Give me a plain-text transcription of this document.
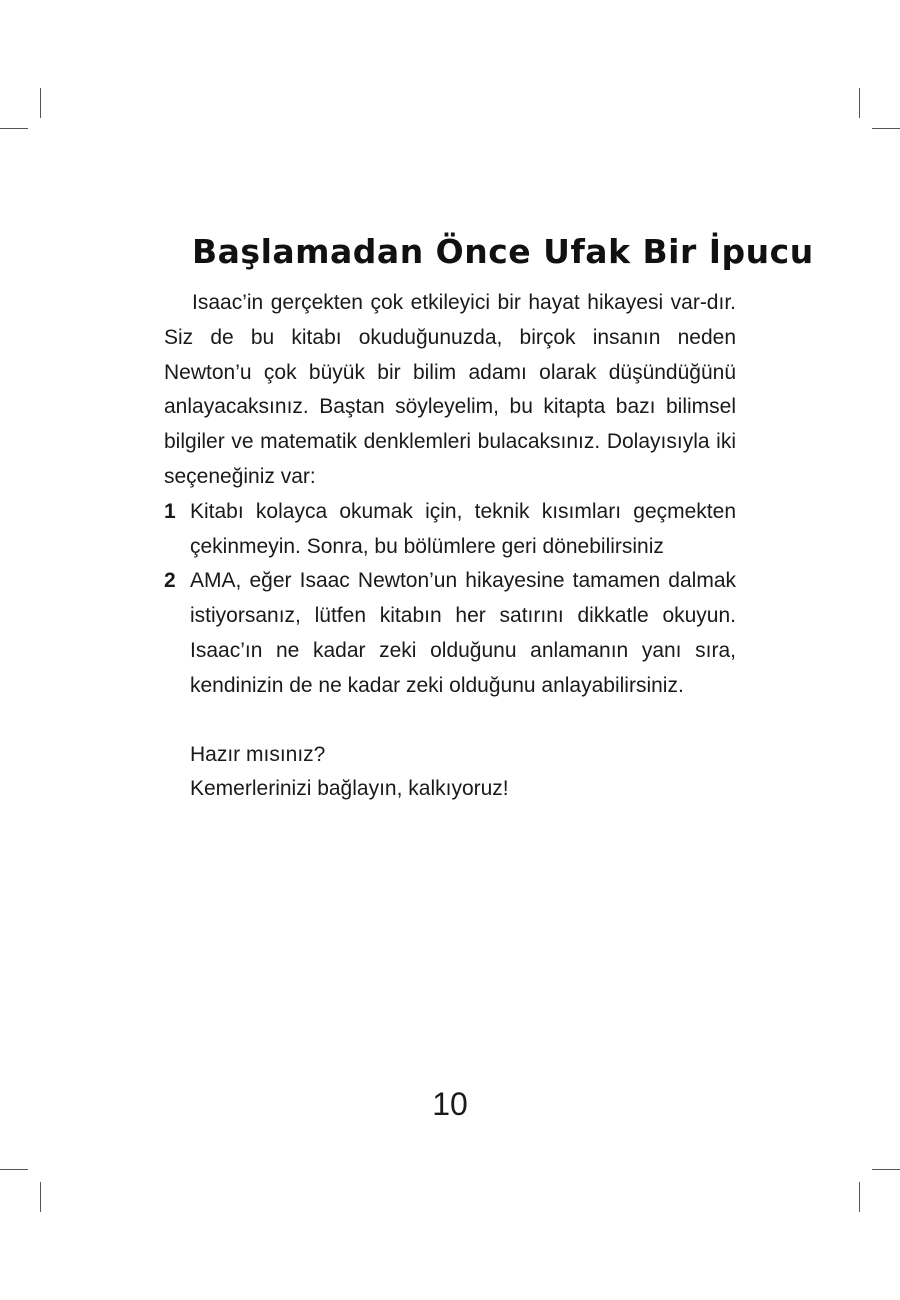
Başlamadan Önce Ufak Bir İpucu

Isaac’in gerçekten çok etkileyici bir hayat hikayesi var-dır. Siz de bu kitabı okuduğunuzda, birçok insanın neden Newton’u çok büyük bir bilim adamı olarak düşündüğünü anlayacaksınız. Baştan söyleyelim, bu kitapta bazı bilimsel bilgiler ve matematik denklemleri bulacaksınız. Dolayısıyla iki seçeneğiniz var:

1 Kitabı kolayca okumak için, teknik kısımları geçmekten çekinmeyin. Sonra, bu bölümlere geri dönebilirsiniz
2 AMA, eğer Isaac Newton’un hikayesine tamamen dalmak istiyorsanız, lütfen kitabın her satırını dikkatle okuyun. Isaac’ın ne kadar zeki olduğunu anlamanın yanı sıra, kendinizin de ne kadar zeki olduğunu anlayabilirsiniz.
Hazır mısınız?
Kemerlerinizi bağlayın, kalkıyoruz!
10
